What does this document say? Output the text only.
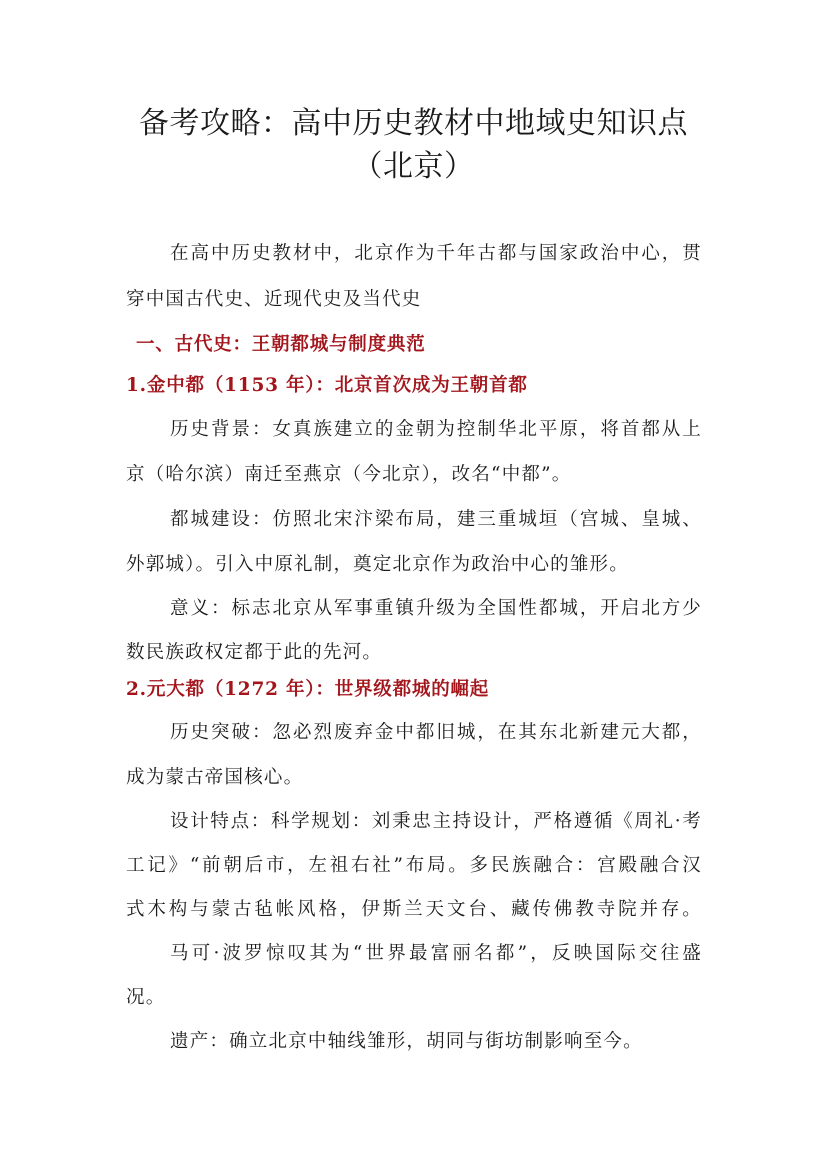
备考攻略：高中历史教材中地域史知识点
（北京）
在高中历史教材中，北京作为千年古都与国家政治中心，贯
穿中国古代史、近现代史及当代史
一、古代史：王朝都城与制度典范
1.金中都（1153 年）：北京首次成为王朝首都
历史背景：女真族建立的金朝为控制华北平原，将首都从上
京（哈尔滨）南迁至燕京（今北京），改名“中都”。
都城建设：仿照北宋汴梁布局，建三重城垣（宫城、皇城、
外郭城）。引入中原礼制，奠定北京作为政治中心的雏形。
意义：标志北京从军事重镇升级为全国性都城，开启北方少
数民族政权定都于此的先河。
2.元大都（1272 年）：世界级都城的崛起
历史突破：忽必烈废弃金中都旧城，在其东北新建元大都，
成为蒙古帝国核心。
设计特点：科学规划：刘秉忠主持设计，严格遵循《周礼·考
工记》“前朝后市，左祖右社”布局。多民族融合：宫殿融合汉
式木构与蒙古毡帐风格，伊斯兰天文台、藏传佛教寺院并存。
马可·波罗惊叹其为“世界最富丽名都”，反映国际交往盛
况。
遗产：确立北京中轴线雏形，胡同与街坊制影响至今。
